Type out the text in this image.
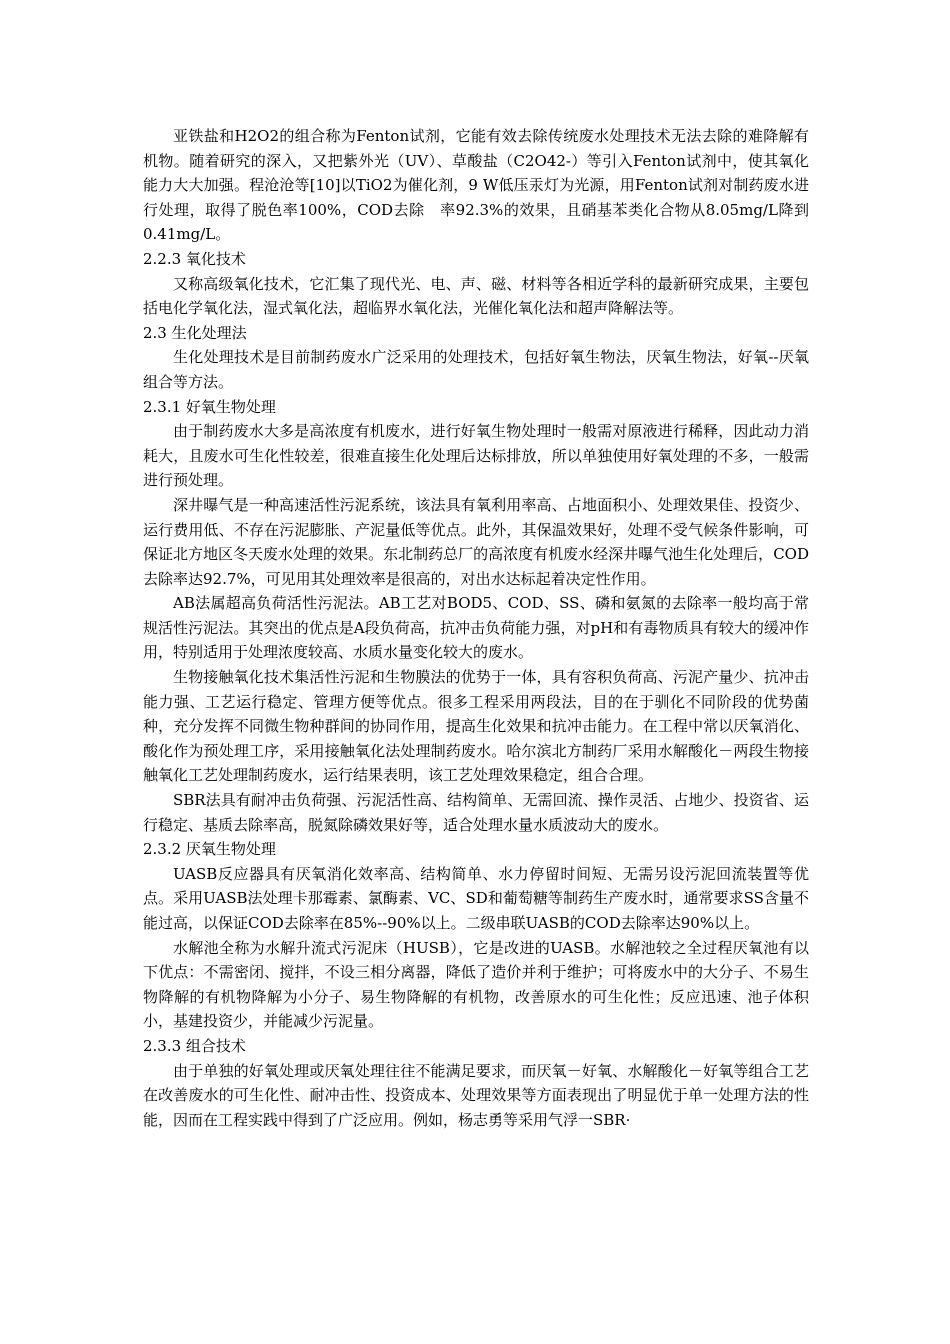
亚铁盐和H2O2的组合称为Fenton试剂，它能有效去除传统废水处理技术无法去除的难降解有机物。随着研究的深入，又把紫外光（UV）、草酸盐（C2O42-）等引入Fenton试剂中，使其氧化能力大大加强。程沧沧等[10]以TiO2为催化剂，9 W低压汞灯为光源，用Fenton试剂对制药废水进行处理，取得了脱色率100%，COD去除　率92.3%的效果，且硝基苯类化合物从8.05mg/L降到0.41mg/L。

2.2.3 氧化技术

又称高级氧化技术，它汇集了现代光、电、声、磁、材料等各相近学科的最新研究成果，主要包括电化学氧化法，湿式氧化法，超临界水氧化法，光催化氧化法和超声降解法等。

2.3 生化处理法

生化处理技术是目前制药废水广泛采用的处理技术，包括好氧生物法，厌氧生物法，好氧--厌氧组合等方法。

2.3.1 好氧生物处理

由于制药废水大多是高浓度有机废水，进行好氧生物处理时一般需对原液进行稀释，因此动力消耗大，且废水可生化性较差，很难直接生化处理后达标排放，所以单独使用好氧处理的不多，一般需进行预处理。

深井曝气是一种高速活性污泥系统，该法具有氧利用率高、占地面积小、处理效果佳、投资少、运行费用低、不存在污泥膨胀、产泥量低等优点。此外，其保温效果好，处理不受气候条件影响，可保证北方地区冬天废水处理的效果。东北制药总厂的高浓度有机废水经深井曝气池生化处理后，COD去除率达92.7%，可见用其处理效率是很高的，对出水达标起着决定性作用。

AB法属超高负荷活性污泥法。AB工艺对BOD5、COD、SS、磷和氨氮的去除率一般均高于常规活性污泥法。其突出的优点是A段负荷高，抗冲击负荷能力强，对pH和有毒物质具有较大的缓冲作用，特别适用于处理浓度较高、水质水量变化较大的废水。

生物接触氧化技术集活性污泥和生物膜法的优势于一体，具有容积负荷高、污泥产量少、抗冲击能力强、工艺运行稳定、管理方便等优点。很多工程采用两段法，目的在于驯化不同阶段的优势菌种，充分发挥不同微生物种群间的协同作用，提高生化效果和抗冲击能力。在工程中常以厌氧消化、酸化作为预处理工序，采用接触氧化法处理制药废水。哈尔滨北方制药厂采用水解酸化－两段生物接触氧化工艺处理制药废水，运行结果表明，该工艺处理效果稳定，组合合理。

SBR法具有耐冲击负荷强、污泥活性高、结构简单、无需回流、操作灵活、占地少、投资省、运行稳定、基质去除率高，脱氮除磷效果好等，适合处理水量水质波动大的废水。

2.3.2 厌氧生物处理

UASB反应器具有厌氧消化效率高、结构简单、水力停留时间短、无需另设污泥回流装置等优点。采用UASB法处理卡那霉素、氯酶素、VC、SD和葡萄糖等制药生产废水时，通常要求SS含量不能过高，以保证COD去除率在85%--90%以上。二级串联UASB的COD去除率达90%以上。

水解池全称为水解升流式污泥床（HUSB），它是改进的UASB。水解池较之全过程厌氧池有以下优点：不需密闭、搅拌，不设三相分离器，降低了造价并利于维护；可将废水中的大分子、不易生物降解的有机物降解为小分子、易生物降解的有机物，改善原水的可生化性；反应迅速、池子体积小，基建投资少，并能减少污泥量。

2.3.3 组合技术

由于单独的好氧处理或厌氧处理往往不能满足要求，而厌氧－好氧、水解酸化－好氧等组合工艺在改善废水的可生化性、耐冲击性、投资成本、处理效果等方面表现出了明显优于单一处理方法的性能，因而在工程实践中得到了广泛应用。例如，杨志勇等采用气浮一SBR·
